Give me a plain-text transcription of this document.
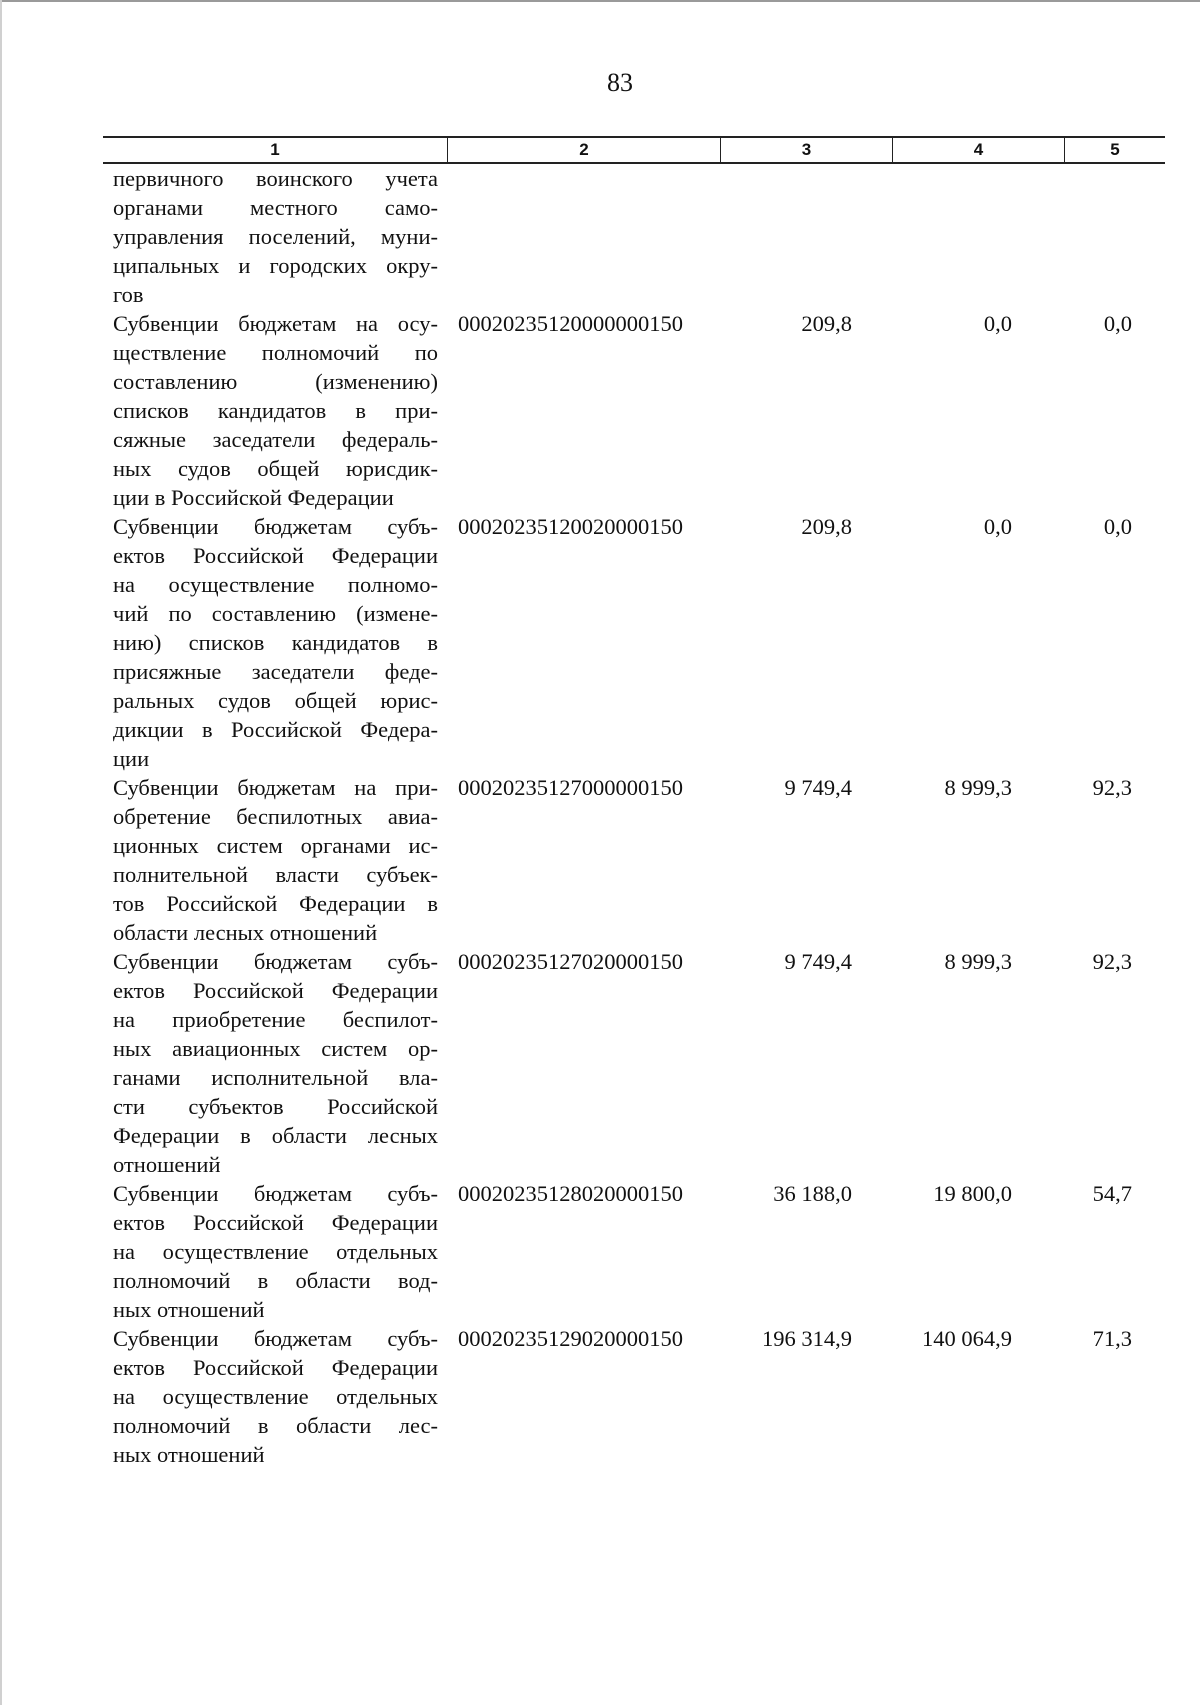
83
1	2	3	4	5
первичного воинского учета
органами местного само-
управления поселений, муни-
ципальных и городских окру-
гов
Субвенции бюджетам на осу-
ществление полномочий по
составлению (изменению)
списков кандидатов в при-
сяжные заседатели федераль-
ных судов общей юрисдик-
ции в Российской Федерации
00020235120000000150	209,8	0,0	0,0
Субвенции бюджетам субъ-
ектов Российской Федерации
на осуществление полномо-
чий по составлению (измене-
нию) списков кандидатов в
присяжные заседатели феде-
ральных судов общей юрис-
дикции в Российской Федера-
ции
00020235120020000150	209,8	0,0	0,0
Субвенции бюджетам на при-
обретение беспилотных авиа-
ционных систем органами ис-
полнительной власти субъек-
тов Российской Федерации в
области лесных отношений
00020235127000000150	9 749,4	8 999,3	92,3
Субвенции бюджетам субъ-
ектов Российской Федерации
на приобретение беспилот-
ных авиационных систем ор-
ганами исполнительной вла-
сти субъектов Российской
Федерации в области лесных
отношений
00020235127020000150	9 749,4	8 999,3	92,3
Субвенции бюджетам субъ-
ектов Российской Федерации
на осуществление отдельных
полномочий в области вод-
ных отношений
00020235128020000150	36 188,0	19 800,0	54,7
Субвенции бюджетам субъ-
ектов Российской Федерации
на осуществление отдельных
полномочий в области лес-
ных отношений
00020235129020000150	196 314,9	140 064,9	71,3
